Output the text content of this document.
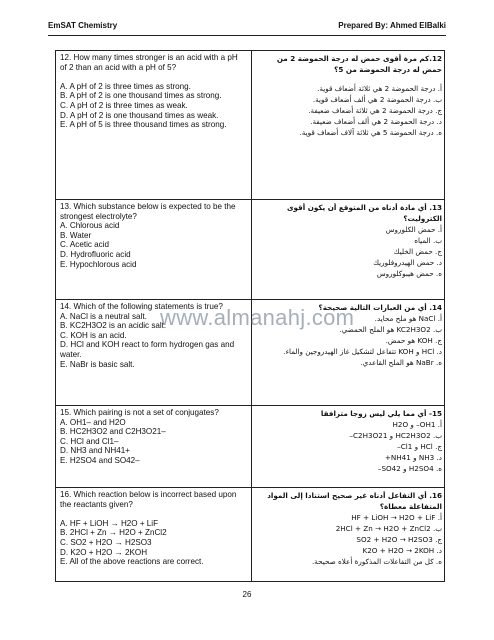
EmSAT Chemistry	Prepared By: Ahmed ElBalki
12. How many times stronger is an acid with a pH of 2 than an acid with a pH of 5?
A. A pH of 2 is three times as strong.
B. A pH of 2 is one thousand times as strong.
C. A pH of 2 is three times as weak.
D. A pH of 2 is one thousand times as weak.
E. A pH of 5 is three thousand times as strong.
12.كم مرة أقوى حمض له درجة الحموضة 2 من حمض له درجة الحموضة من 5؟
أ. درجة الحموضة 2 هي ثلاثة أضعاف قوية.
ب. درجة الحموضة 2 هي ألف أضعاف قوية.
ج. درجة الحموضة 2 هي ثلاثة أضعاف ضعيفة.
د. درجة الحموضة 2 هي ألف أضعاف ضعيفة.
ه. درجة الحموضة 5 هي ثلاثة آلاف أضعاف قوية.
13. Which substance below is expected to be the strongest electrolyte?
A. Chlorous acid
B. Water
C. Acetic acid
D. Hydrofluoric acid
E. Hypochlorous acid
13. أي مادة أدناه من المتوقع أن يكون أقوى الكتروليت؟
أ. حمض الكلوروس
ب. المياه
ج. حمض الخليك
د. حمض الهيدروفلوريك
ه. حمض هيبوكلوروس
14. Which of the following statements is true?
A. NaCl is a neutral salt.
B. KC2H3O2 is an acidic salt.
C. KOH is an acid.
D. HCl and KOH react to form hydrogen gas and water.
E. NaBr is basic salt.
14. أي من العبارات التالية صحيحة؟
أ. NaCl هو ملح محايد.
ب. KC2H3O2 هو الملح الحمضي.
ج. KOH هو حمض.
د. HCl و KOH تتفاعل لتشكيل غاز الهيدروجين والماء.
ه. NaBr هو الملح القاعدي.
15. Which pairing is not a set of conjugates?
A. OH1– and H2O
B. HC2H3O2 and C2H3O21–
C. HCl and Cl1–
D. NH3 and NH41+
E. H2SO4 and SO42–
15- أي مما يلي ليس زوجا مترافقا
أ. OH1– و H2O
ب. HC2H3O2 و C2H3O21–
ج. HCl و Cl1–
د. NH3 و NH41+
ه. H2SO4 و SO42–
16. Which reaction below is incorrect based upon the reactants given?
A. HF + LiOH → H2O + LiF
B. 2HCl + Zn → H2O + ZnCl2
C. SO2 + H2O → H2SO3
D. K2O + H2O → 2KOH
E. All of the above reactions are correct.
16. أي التفاعل أدناه غير صحيح استنادا إلى المواد المتفاعلة معطاة؟
أ. HF + LiOH → H2O + LiF
ب. 2HCl + Zn → H2O + ZnCl2
ج. SO2 + H2O → H2SO3
د. K2O + H2O → 2KOH
ه. كل من التفاعلات المذكورة أعلاه صحيحة.
www.almanahj.com
26
